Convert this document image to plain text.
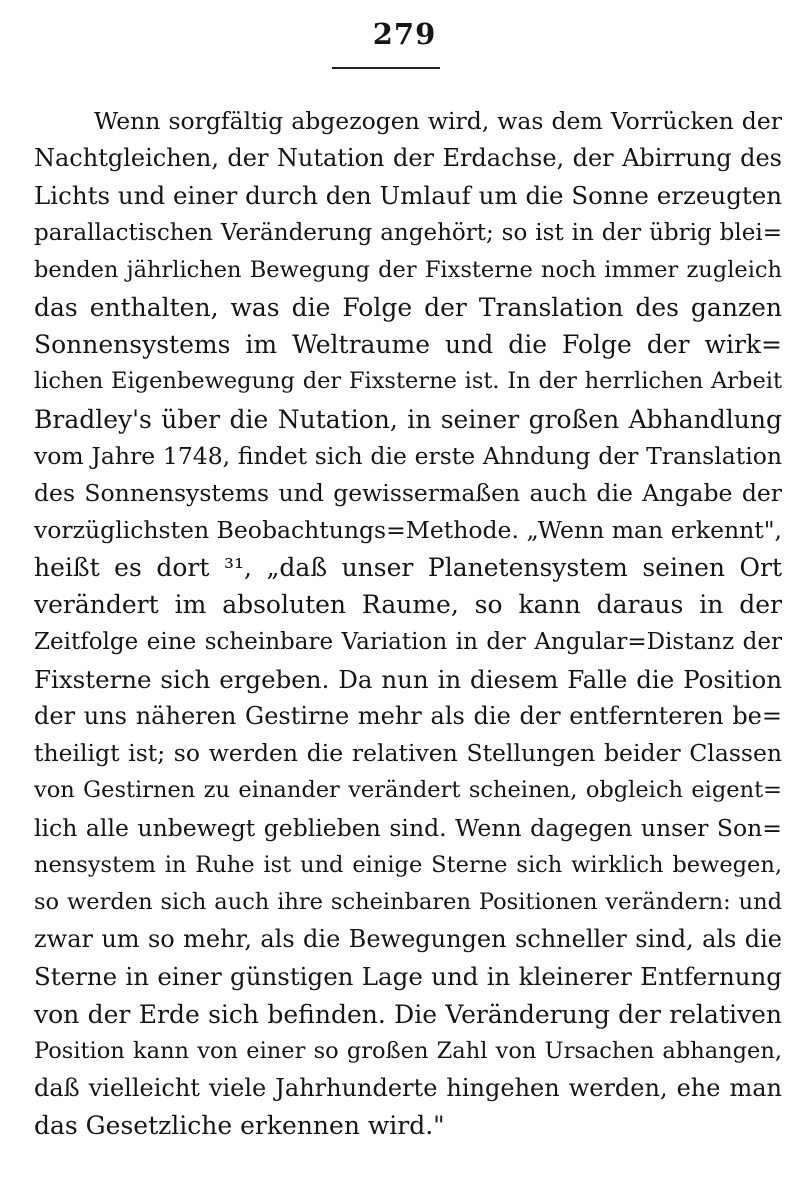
279
Wenn sorgfältig abgezogen wird, was dem Vorrücken der
Nachtgleichen, der Nutation der Erdachse, der Abirrung des
Lichts und einer durch den Umlauf um die Sonne erzeugten
parallactischen Veränderung angehört; so ist in der übrig blei=
benden jährlichen Bewegung der Fixsterne noch immer zugleich
das enthalten, was die Folge der Translation des ganzen
Sonnensystems im Weltraume und die Folge der wirk=
lichen Eigenbewegung der Fixsterne ist. In der herrlichen Arbeit
Bradley's über die Nutation, in seiner großen Abhandlung
vom Jahre 1748, findet sich die erste Ahndung der Translation
des Sonnensystems und gewissermaßen auch die Angabe der
vorzüglichsten Beobachtungs=Methode. „Wenn man erkennt",
heißt es dort ³¹, „daß unser Planetensystem seinen Ort
verändert im absoluten Raume, so kann daraus in der
Zeitfolge eine scheinbare Variation in der Angular=Distanz der
Fixsterne sich ergeben. Da nun in diesem Falle die Position
der uns näheren Gestirne mehr als die der entfernteren be=
theiligt ist; so werden die relativen Stellungen beider Classen
von Gestirnen zu einander verändert scheinen, obgleich eigent=
lich alle unbewegt geblieben sind. Wenn dagegen unser Son=
nensystem in Ruhe ist und einige Sterne sich wirklich bewegen,
so werden sich auch ihre scheinbaren Positionen verändern: und
zwar um so mehr, als die Bewegungen schneller sind, als die
Sterne in einer günstigen Lage und in kleinerer Entfernung
von der Erde sich befinden. Die Veränderung der relativen
Position kann von einer so großen Zahl von Ursachen abhangen,
daß vielleicht viele Jahrhunderte hingehen werden, ehe man
das Gesetzliche erkennen wird."
